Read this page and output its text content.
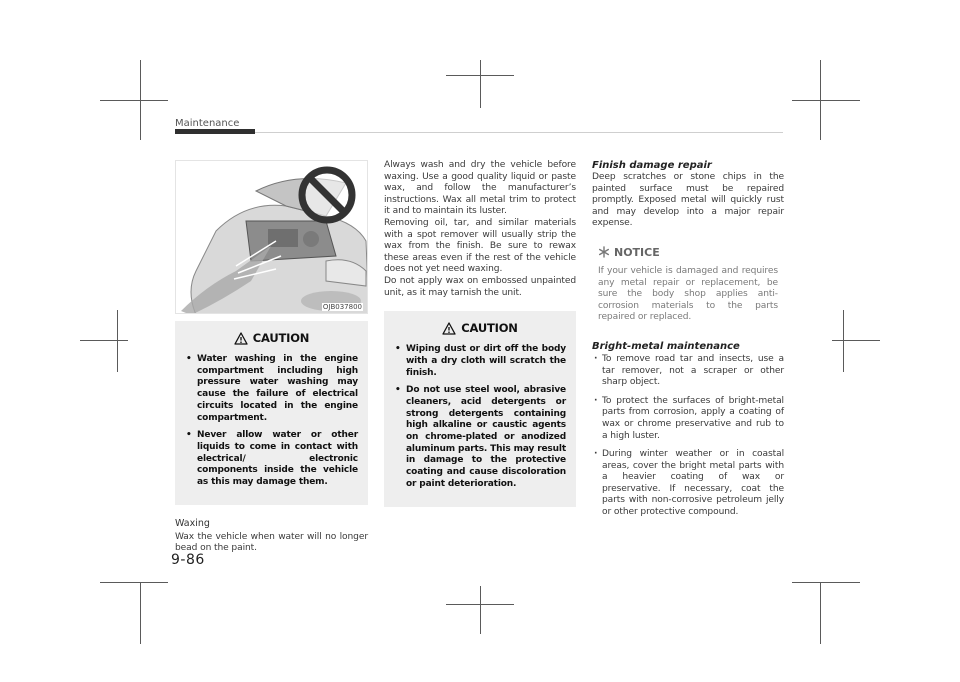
Maintenance
OJB037800
CAUTION
• Water washing in the engine compartment including high pressure water washing may cause the failure of electrical circuits located in the engine compartment.
• Never allow water or other liquids to come in contact with electrical/ electronic components inside the vehicle as this may damage them.
Waxing

Wax the vehicle when water will no longer bead on the paint.

Always wash and dry the vehicle before waxing. Use a good quality liquid or paste wax, and follow the manufacturer’s instructions. Wax all metal trim to protect it and to maintain its luster.

Removing oil, tar, and similar materials with a spot remover will usually strip the wax from the finish. Be sure to rewax these areas even if the rest of the vehicle does not yet need waxing.

Do not apply wax on embossed unpainted unit, as it may tarnish the unit.

CAUTION
• Wiping dust or dirt off the body with a dry cloth will scratch the finish.
• Do not use steel wool, abrasive cleaners, acid detergents or strong detergents containing high alkaline or caustic agents on chrome-plated or anodized aluminum parts. This may result in damage to the protective coating and cause discoloration or paint deterioration.
Finish damage repair

Deep scratches or stone chips in the painted surface must be repaired promptly. Exposed metal will quickly rust and may develop into a major repair expense.

NOTICE

If your vehicle is damaged and requires any metal repair or replacement, be sure the body shop applies anti-corrosion materials to the parts repaired or replaced.

Bright-metal maintenance
· To remove road tar and insects, use a tar remover, not a scraper or other sharp object.
· To protect the surfaces of bright-metal parts from corrosion, apply a coating of wax or chrome preservative and rub to a high luster.
· During winter weather or in coastal areas, cover the bright metal parts with a heavier coating of wax or preservative. If necessary, coat the parts with non-corrosive petroleum jelly or other protective compound.
9-86
